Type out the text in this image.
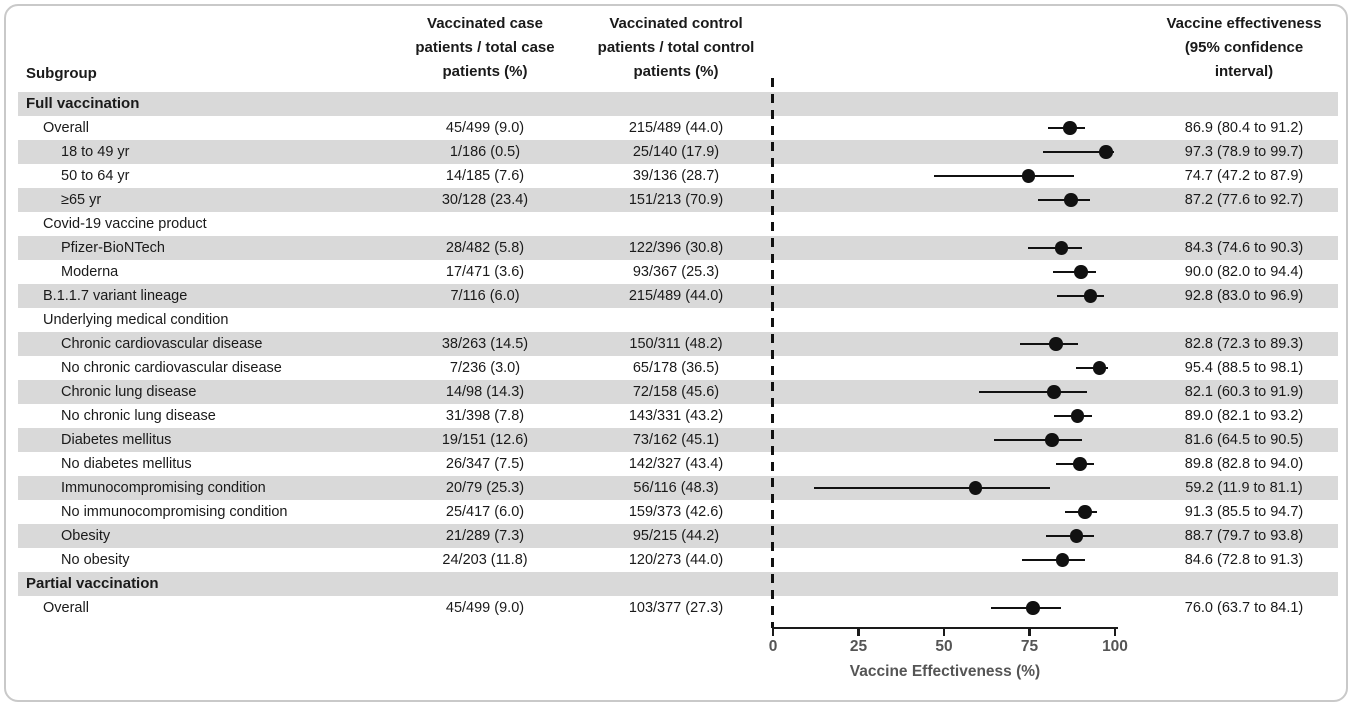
Subgroup
Vaccinated case
patients / total case
patients (%)
Vaccinated control
patients / total control
patients (%)
Vaccine effectiveness
(95% confidence
interval)
Full vaccination
Overall	45/499 (9.0)	215/489 (44.0)	86.9 (80.4 to 91.2)
18 to 49 yr	1/186 (0.5)	25/140 (17.9)	97.3 (78.9 to 99.7)
50 to 64 yr	14/185 (7.6)	39/136 (28.7)	74.7 (47.2 to 87.9)
≥65 yr	30/128 (23.4)	151/213 (70.9)	87.2 (77.6 to 92.7)
Covid-19 vaccine product
Pfizer-BioNTech	28/482 (5.8)	122/396 (30.8)	84.3 (74.6 to 90.3)
Moderna	17/471 (3.6)	93/367 (25.3)	90.0 (82.0 to 94.4)
B.1.1.7 variant lineage	7/116 (6.0)	215/489 (44.0)	92.8 (83.0 to 96.9)
Underlying medical condition
Chronic cardiovascular disease	38/263 (14.5)	150/311 (48.2)	82.8 (72.3 to 89.3)
No chronic cardiovascular disease	7/236 (3.0)	65/178 (36.5)	95.4 (88.5 to 98.1)
Chronic lung disease	14/98 (14.3)	72/158 (45.6)	82.1 (60.3 to 91.9)
No chronic lung disease	31/398 (7.8)	143/331 (43.2)	89.0 (82.1 to 93.2)
Diabetes mellitus	19/151 (12.6)	73/162 (45.1)	81.6 (64.5 to 90.5)
No diabetes mellitus	26/347 (7.5)	142/327 (43.4)	89.8 (82.8 to 94.0)
Immunocompromising condition	20/79 (25.3)	56/116 (48.3)	59.2 (11.9 to 81.1)
No immunocompromising condition	25/417 (6.0)	159/373 (42.6)	91.3 (85.5 to 94.7)
Obesity	21/289 (7.3)	95/215 (44.2)	88.7 (79.7 to 93.8)
No obesity	24/203 (11.8)	120/273 (44.0)	84.6 (72.8 to 91.3)
Partial vaccination
Overall	45/499 (9.0)	103/377 (27.3)	76.0 (63.7 to 84.1)
0	25	50	75	100
Vaccine Effectiveness (%)
